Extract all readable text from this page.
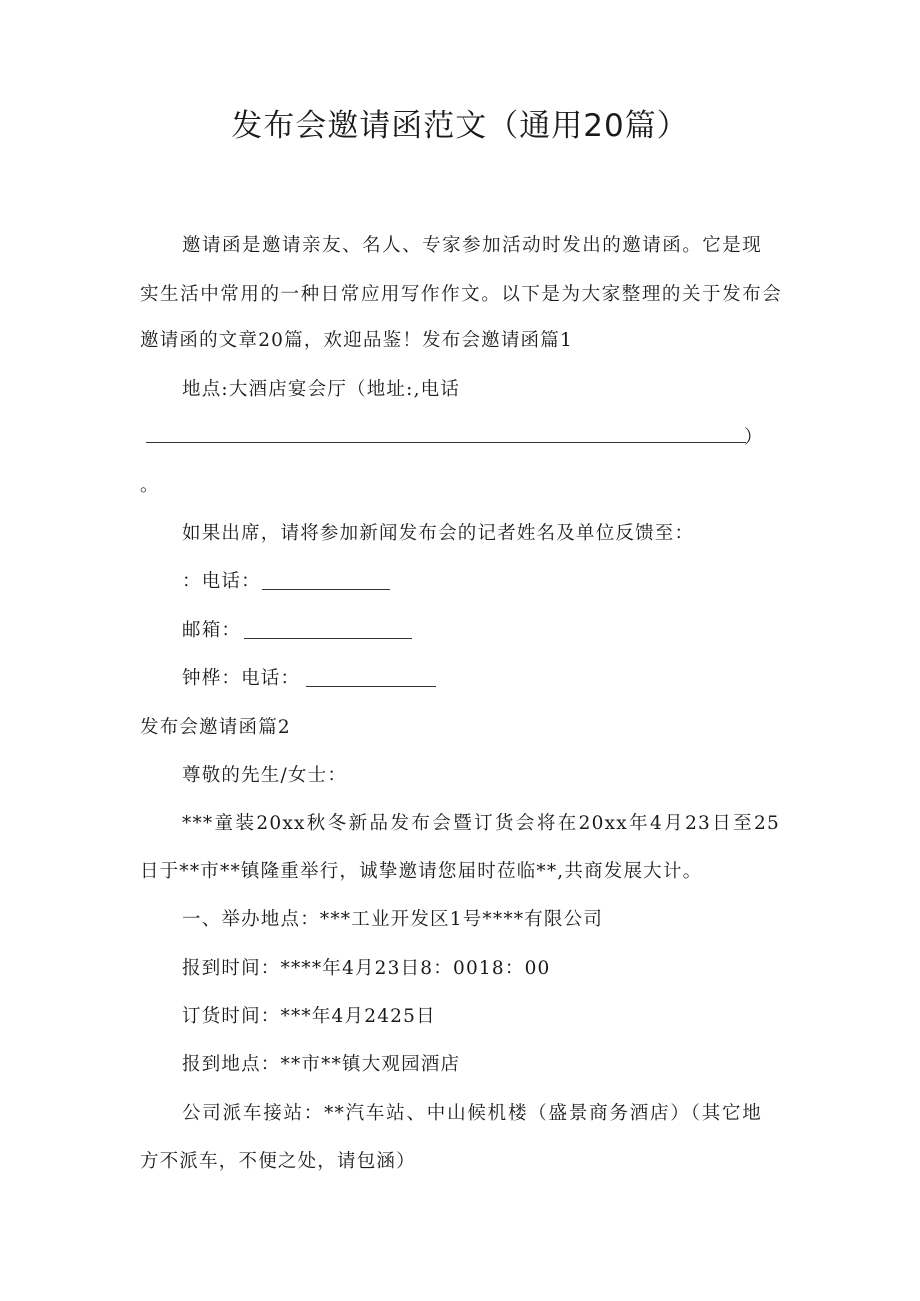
发布会邀请函范文（通用20篇）
邀请函是邀请亲友、名人、专家参加活动时发出的邀请函。它是现
实生活中常用的一种日常应用写作作文。以下是为大家整理的关于发布会
邀请函的文章20篇，欢迎品鉴！发布会邀请函篇1
地点:大酒店宴会厅（地址:,电话
）
。
如果出席，请将参加新闻发布会的记者姓名及单位反馈至：
：电话：
邮箱：
钟桦：电话：
发布会邀请函篇2
尊敬的先生/女士：
***童装20xx秋冬新品发布会暨订货会将在20xx年4月23日至25
日于**市**镇隆重举行，诚挚邀请您届时莅临**,共商发展大计。
一、举办地点：***工业开发区1号****有限公司
报到时间：****年4月23日8：0018：00
订货时间：***年4月2425日
报到地点：**市**镇大观园酒店
公司派车接站：**汽车站、中山候机楼（盛景商务酒店）（其它地
方不派车，不便之处，请包涵）
